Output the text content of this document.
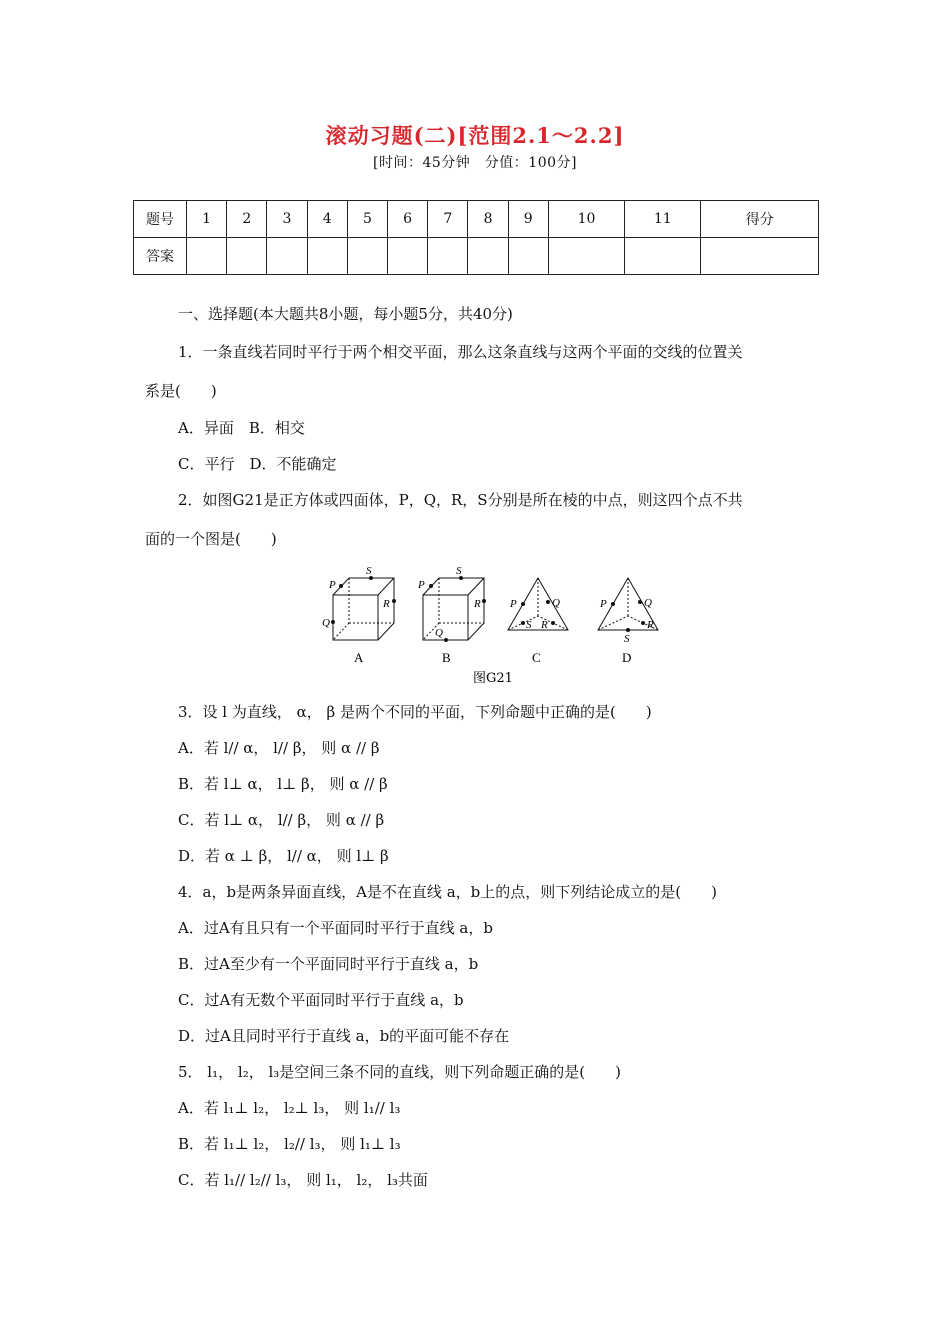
滚动习题(二)[范围2.1～2.2]
[时间：45分钟　分值：100分]
题号	1	2	3	4	5	6	7	8	9	10	11	得分
答案												
一、选择题(本大题共8小题，每小题5分，共40分)
1．一条直线若同时平行于两个相交平面，那么这条直线与这两个平面的交线的位置关
系是(　　)
A．异面　B．相交
C．平行　D．不能确定
2．如图G21是正方体或四面体，P，Q，R，S分别是所在棱的中点，则这四个点不共
面的一个图是(　　)
S
P
Q
R
A
S
P
Q
R
B
P	Q
S R
C
P	Q
S
R
D
图G21
3．设 l 为直线， α， β 是两个不同的平面，下列命题中正确的是(　　)
A．若 l// α， l// β， 则 α // β
B．若 l⊥ α， l⊥ β， 则 α // β
C．若 l⊥ α， l// β， 则 α // β
D．若 α ⊥ β， l// α， 则 l⊥ β
4．a，b是两条异面直线，A是不在直线 a，b上的点，则下列结论成立的是(　　)
A．过A有且只有一个平面同时平行于直线 a，b
B．过A至少有一个平面同时平行于直线 a，b
C．过A有无数个平面同时平行于直线 a，b
D．过A且同时平行于直线 a，b的平面可能不存在
5． l₁， l₂， l₃是空间三条不同的直线，则下列命题正确的是(　　)
A．若 l₁⊥ l₂， l₂⊥ l₃， 则 l₁// l₃
B．若 l₁⊥ l₂， l₂// l₃， 则 l₁⊥ l₃
C．若 l₁// l₂// l₃， 则 l₁， l₂， l₃共面
